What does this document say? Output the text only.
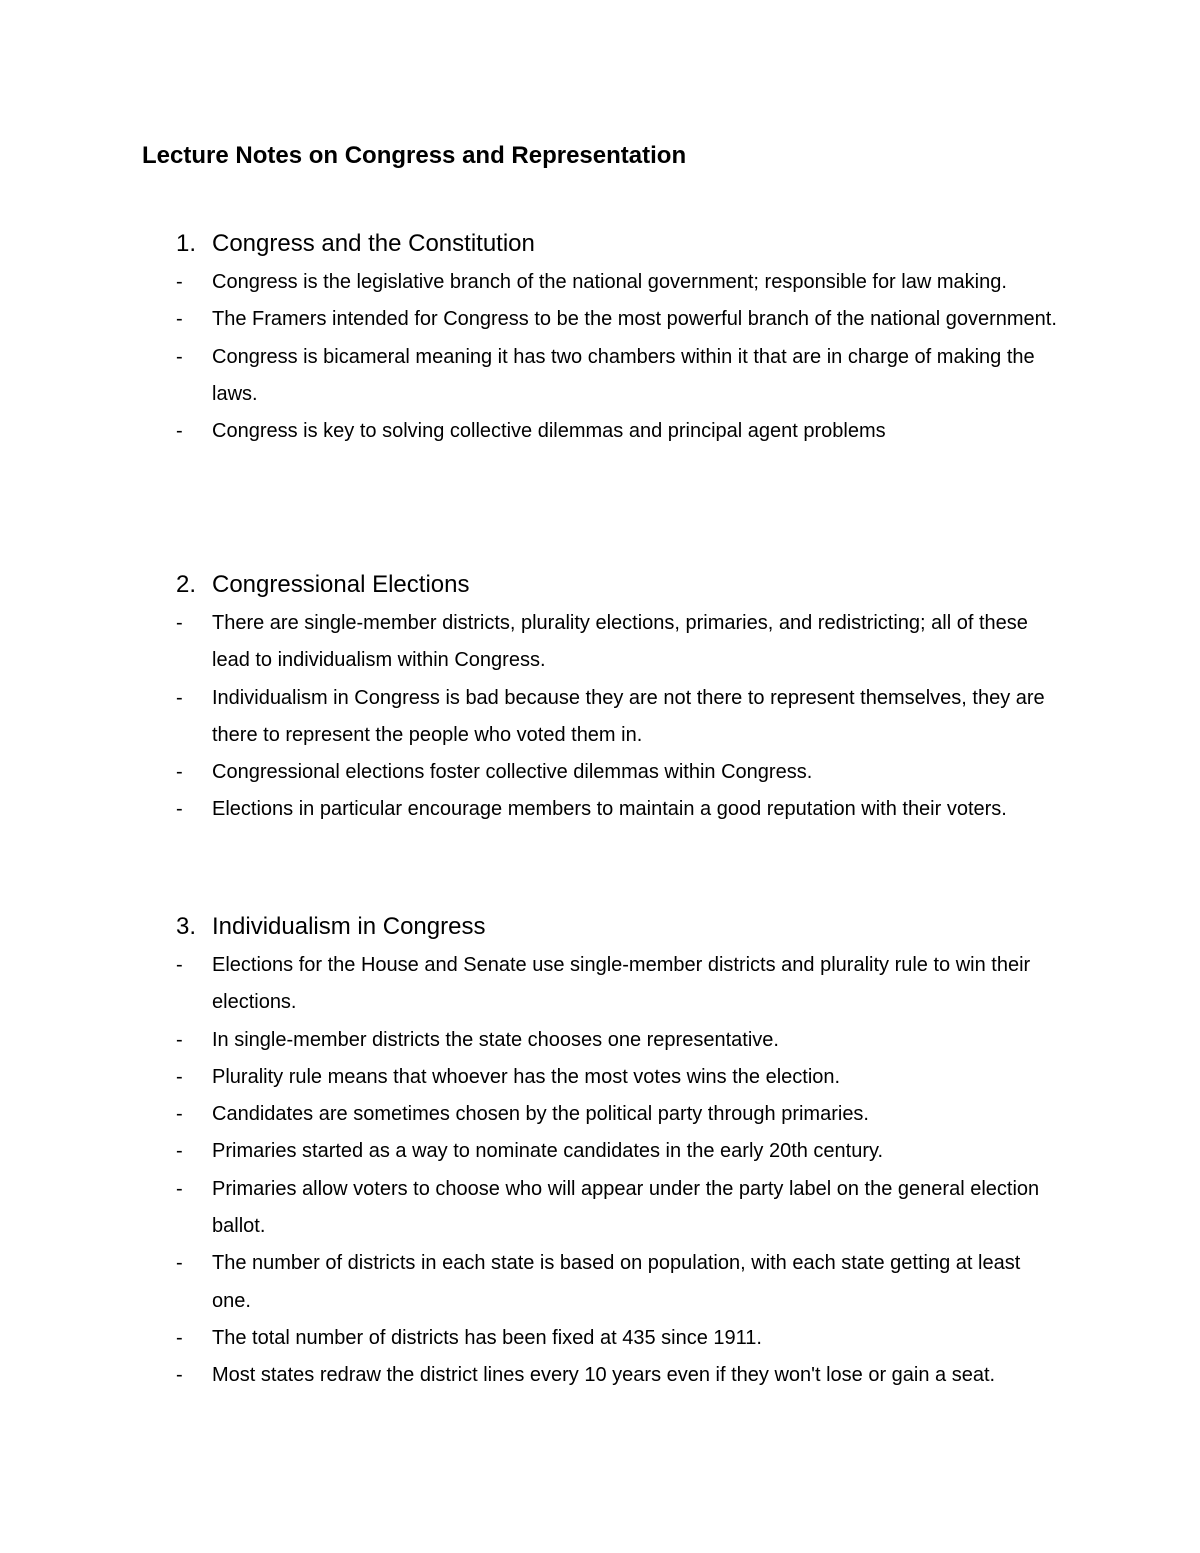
Lecture Notes on Congress and Representation
1. Congress and the Constitution
- Congress is the legislative branch of the national government; responsible for law making.
- The Framers intended for Congress to be the most powerful branch of the national government.
- Congress is bicameral meaning it has two chambers within it that are in charge of making the laws.
- Congress is key to solving collective dilemmas and principal agent problems
2. Congressional Elections
- There are single-member districts, plurality elections, primaries, and redistricting; all of these lead to individualism within Congress.
- Individualism in Congress is bad because they are not there to represent themselves, they are there to represent the people who voted them in.
- Congressional elections foster collective dilemmas within Congress.
- Elections in particular encourage members to maintain a good reputation with their voters.
3. Individualism in Congress
- Elections for the House and Senate use single-member districts and plurality rule to win their elections.
- In single-member districts the state chooses one representative.
- Plurality rule means that whoever has the most votes wins the election.
- Candidates are sometimes chosen by the political party through primaries.
- Primaries started as a way to nominate candidates in the early 20th century.
- Primaries allow voters to choose who will appear under the party label on the general election ballot.
- The number of districts in each state is based on population, with each state getting at least one.
- The total number of districts has been fixed at 435 since 1911.
- Most states redraw the district lines every 10 years even if they won't lose or gain a seat.
